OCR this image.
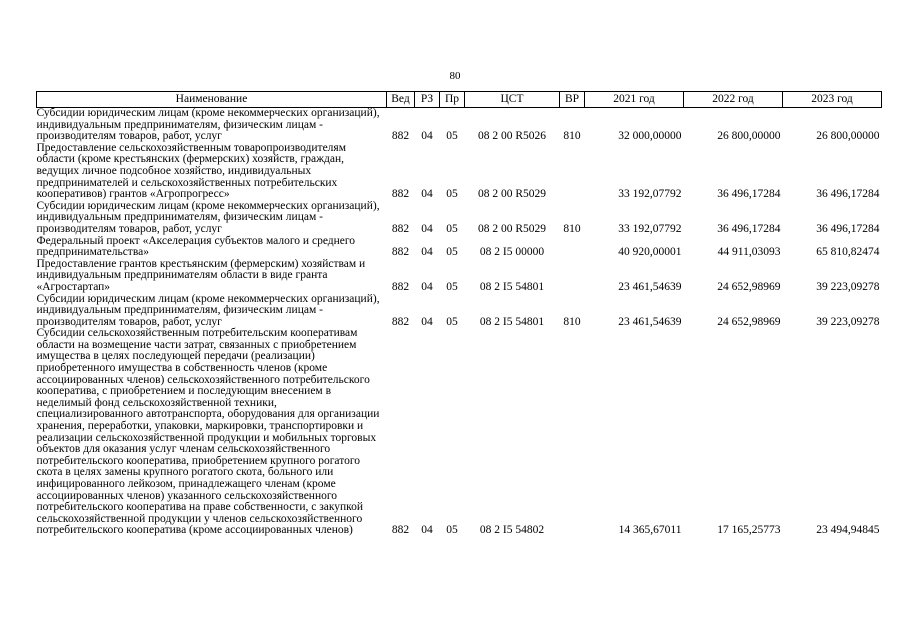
80
Наименование	Вед	РЗ	Пр	ЦСТ	ВР	2021 год	2022 год	2023 год
Субсидии юридическим лицам (кроме некоммерческих организаций), индивидуальным предпринимателям, физическим лицам - производителям товаров, работ, услуг	882	04	05	08 2 00 R5026	810	32 000,00000	26 800,00000	26 800,00000
Предоставление сельскохозяйственным товаропроизводителям области (кроме крестьянских (фермерских) хозяйств, граждан, ведущих личное подсобное хозяйство, индивидуальных предпринимателей и сельскохозяйственных потребительских кооперативов) грантов «Агропрогресс»	882	04	05	08 2 00 R5029		33 192,07792	36 496,17284	36 496,17284
Субсидии юридическим лицам (кроме некоммерческих организаций), индивидуальным предпринимателям, физическим лицам - производителям товаров, работ, услуг	882	04	05	08 2 00 R5029	810	33 192,07792	36 496,17284	36 496,17284
Федеральный проект «Акселерация субъектов малого и среднего предпринимательства»	882	04	05	08 2 I5 00000		40 920,00001	44 911,03093	65 810,82474
Предоставление грантов крестьянским (фермерским) хозяйствам и индивидуальным предпринимателям области в виде гранта «Агростартап»	882	04	05	08 2 I5 54801		23 461,54639	24 652,98969	39 223,09278
Субсидии юридическим лицам (кроме некоммерческих организаций), индивидуальным предпринимателям, физическим лицам - производителям товаров, работ, услуг	882	04	05	08 2 I5 54801	810	23 461,54639	24 652,98969	39 223,09278
Субсидии сельскохозяйственным потребительским кооперативам области на возмещение части затрат, связанных с приобретением имущества в целях последующей передачи (реализации) приобретенного имущества в собственность членов (кроме ассоциированных членов) сельскохозяйственного потребительского кооператива, с приобретением и последующим внесением в неделимый фонд сельскохозяйственной техники, специализированного автотранспорта, оборудования для организации хранения, переработки, упаковки, маркировки, транспортировки и реализации сельскохозяйственной продукции и мобильных торговых объектов для оказания услуг членам сельскохозяйственного потребительского кооператива, приобретением крупного рогатого скота в целях замены крупного рогатого скота, больного или инфицированного лейкозом, принадлежащего членам (кроме ассоциированных членов) указанного сельскохозяйственного потребительского кооператива на праве собственности, с закупкой сельскохозяйственной продукции у членов сельскохозяйственного потребительского кооператива (кроме ассоциированных членов)	882	04	05	08 2 I5 54802		14 365,67011	17 165,25773	23 494,94845
